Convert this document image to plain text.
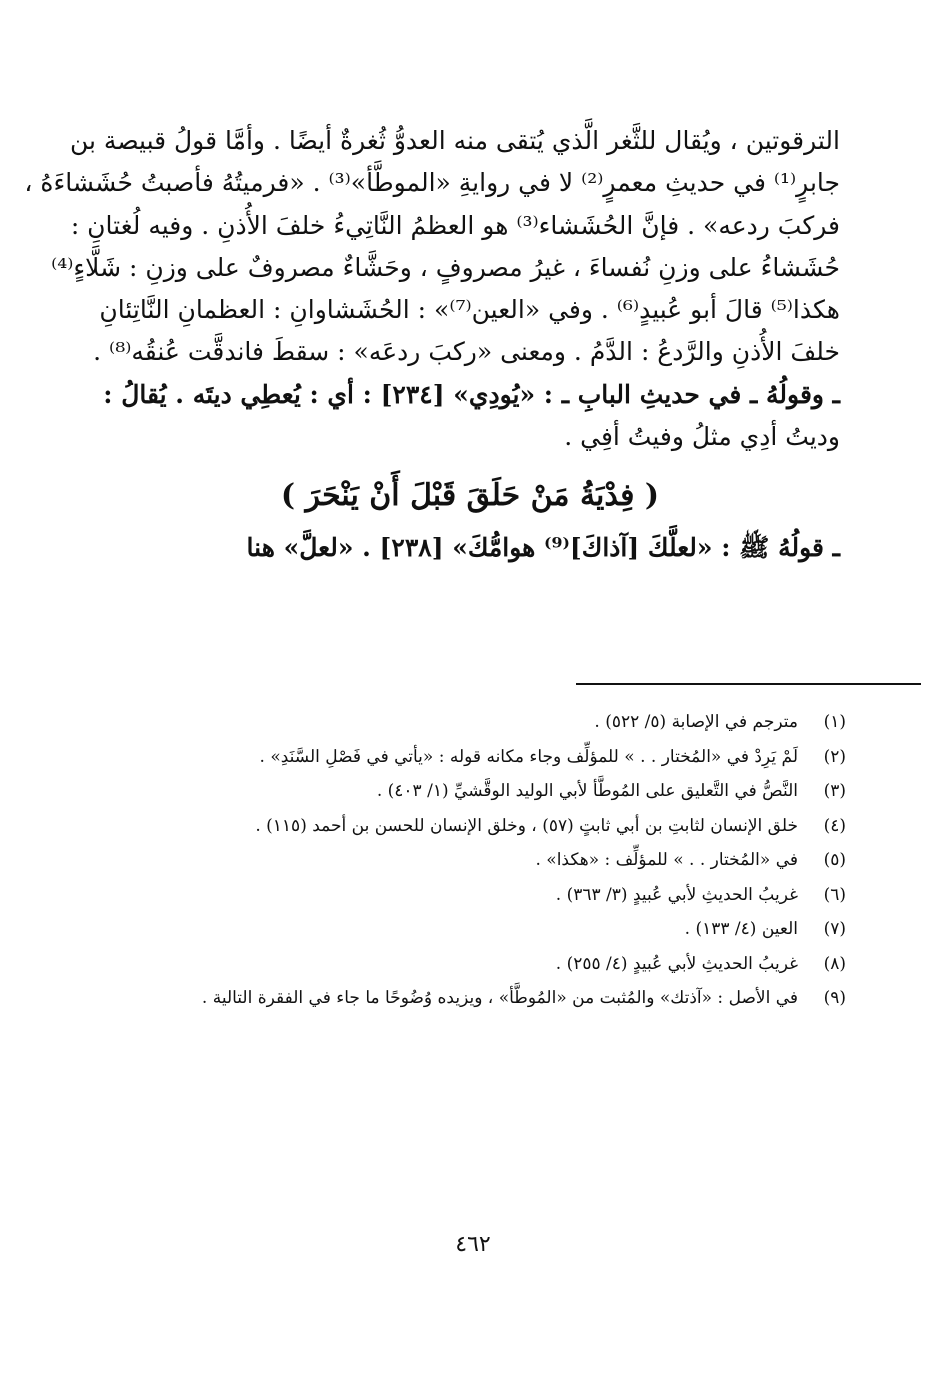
الترقوتين ، ويُقال للثَّغر الَّذي يُتقى منه العدوُّ ثُغرةٌ أيضًا . وأمَّا قولُ قبيصة بن
جابرٍ⁽¹⁾ في حديثِ معمرٍ⁽²⁾ لا في روايةِ «الموطَّأ»⁽³⁾ . «فرميتُهُ فأصبتُ حُشَشاءَهُ ،
فركبَ ردعه» . فإنَّ الحُشَشاء⁽³⁾ هو العظمُ النَّاتِيءُ خلفَ الأُذنِ . وفيه لُغتانِ :
حُشَشاءُ على وزنِ نُفساءَ ، غيرُ مصروفٍ ، وحَشَّاءٌ مصروفٌ على وزنِ : شَلَّاءٍ⁽⁴⁾
هكذا⁽⁵⁾ قالَ أبو عُبيدٍ⁽⁶⁾ . وفي «العين⁽⁷⁾» : الحُشَشاوانِ : العظمانِ النَّاتِئانِ
خلفَ الأُذنِ والرَّدعُ : الدَّمُ . ومعنى «ركبَ ردعَه» : سقطَ فاندقَّت عُنقُه⁽⁸⁾ .
ـ وقولُهُ ـ في حديثِ البابِ ـ : «يُودِي» [٢٣٤] : أي : يُعطِي ديتَه . يُقالُ :
وديتُ أدِي مثلُ وفيتُ أفِي .

( فِدْيَةُ مَنْ حَلَقَ قَبْلَ أَنْ يَنْحَرَ )

ـ قولُهُ ﷺ : «لعلَّكَ [آذاكَ]⁽⁹⁾ هوامُّكَ» [٢٣٨] . «لعلَّ» هنا

(١)
مترجم في الإصابة (٥/ ٥٢٢) .
(٢)
لَمْ يَرِدْ في «المُختار . . » للمؤلِّف وجاء مكانه قوله : «يأتي في فَصْلِ السَّنَدِ» .
(٣)
النَّصُّ في التَّعليق على المُوطَّأ لأبي الوليد الوقَّشيِّ (١/ ٤٠٣) .
(٤)
خلق الإنسان لثابتِ بن أبي ثابتٍ (٥٧) ، وخلق الإنسان للحسن بن أحمد (١١٥) .
(٥)
في «المُختار . . » للمؤلِّف : «هكذا» .
(٦)
غريبُ الحديثِ لأبي عُبيدٍ (٣/ ٣٦٣) .
(٧)
العين (٤/ ١٣٣) .
(٨)
غريبُ الحديثِ لأبي عُبيدٍ (٤/ ٢٥٥) .
(٩)
في الأصل : «آذتك» والمُثبت من «المُوطَّأ» ، ويزيده وُضُوحًا ما جاء في الفقرة التالية .
٤٦٢
